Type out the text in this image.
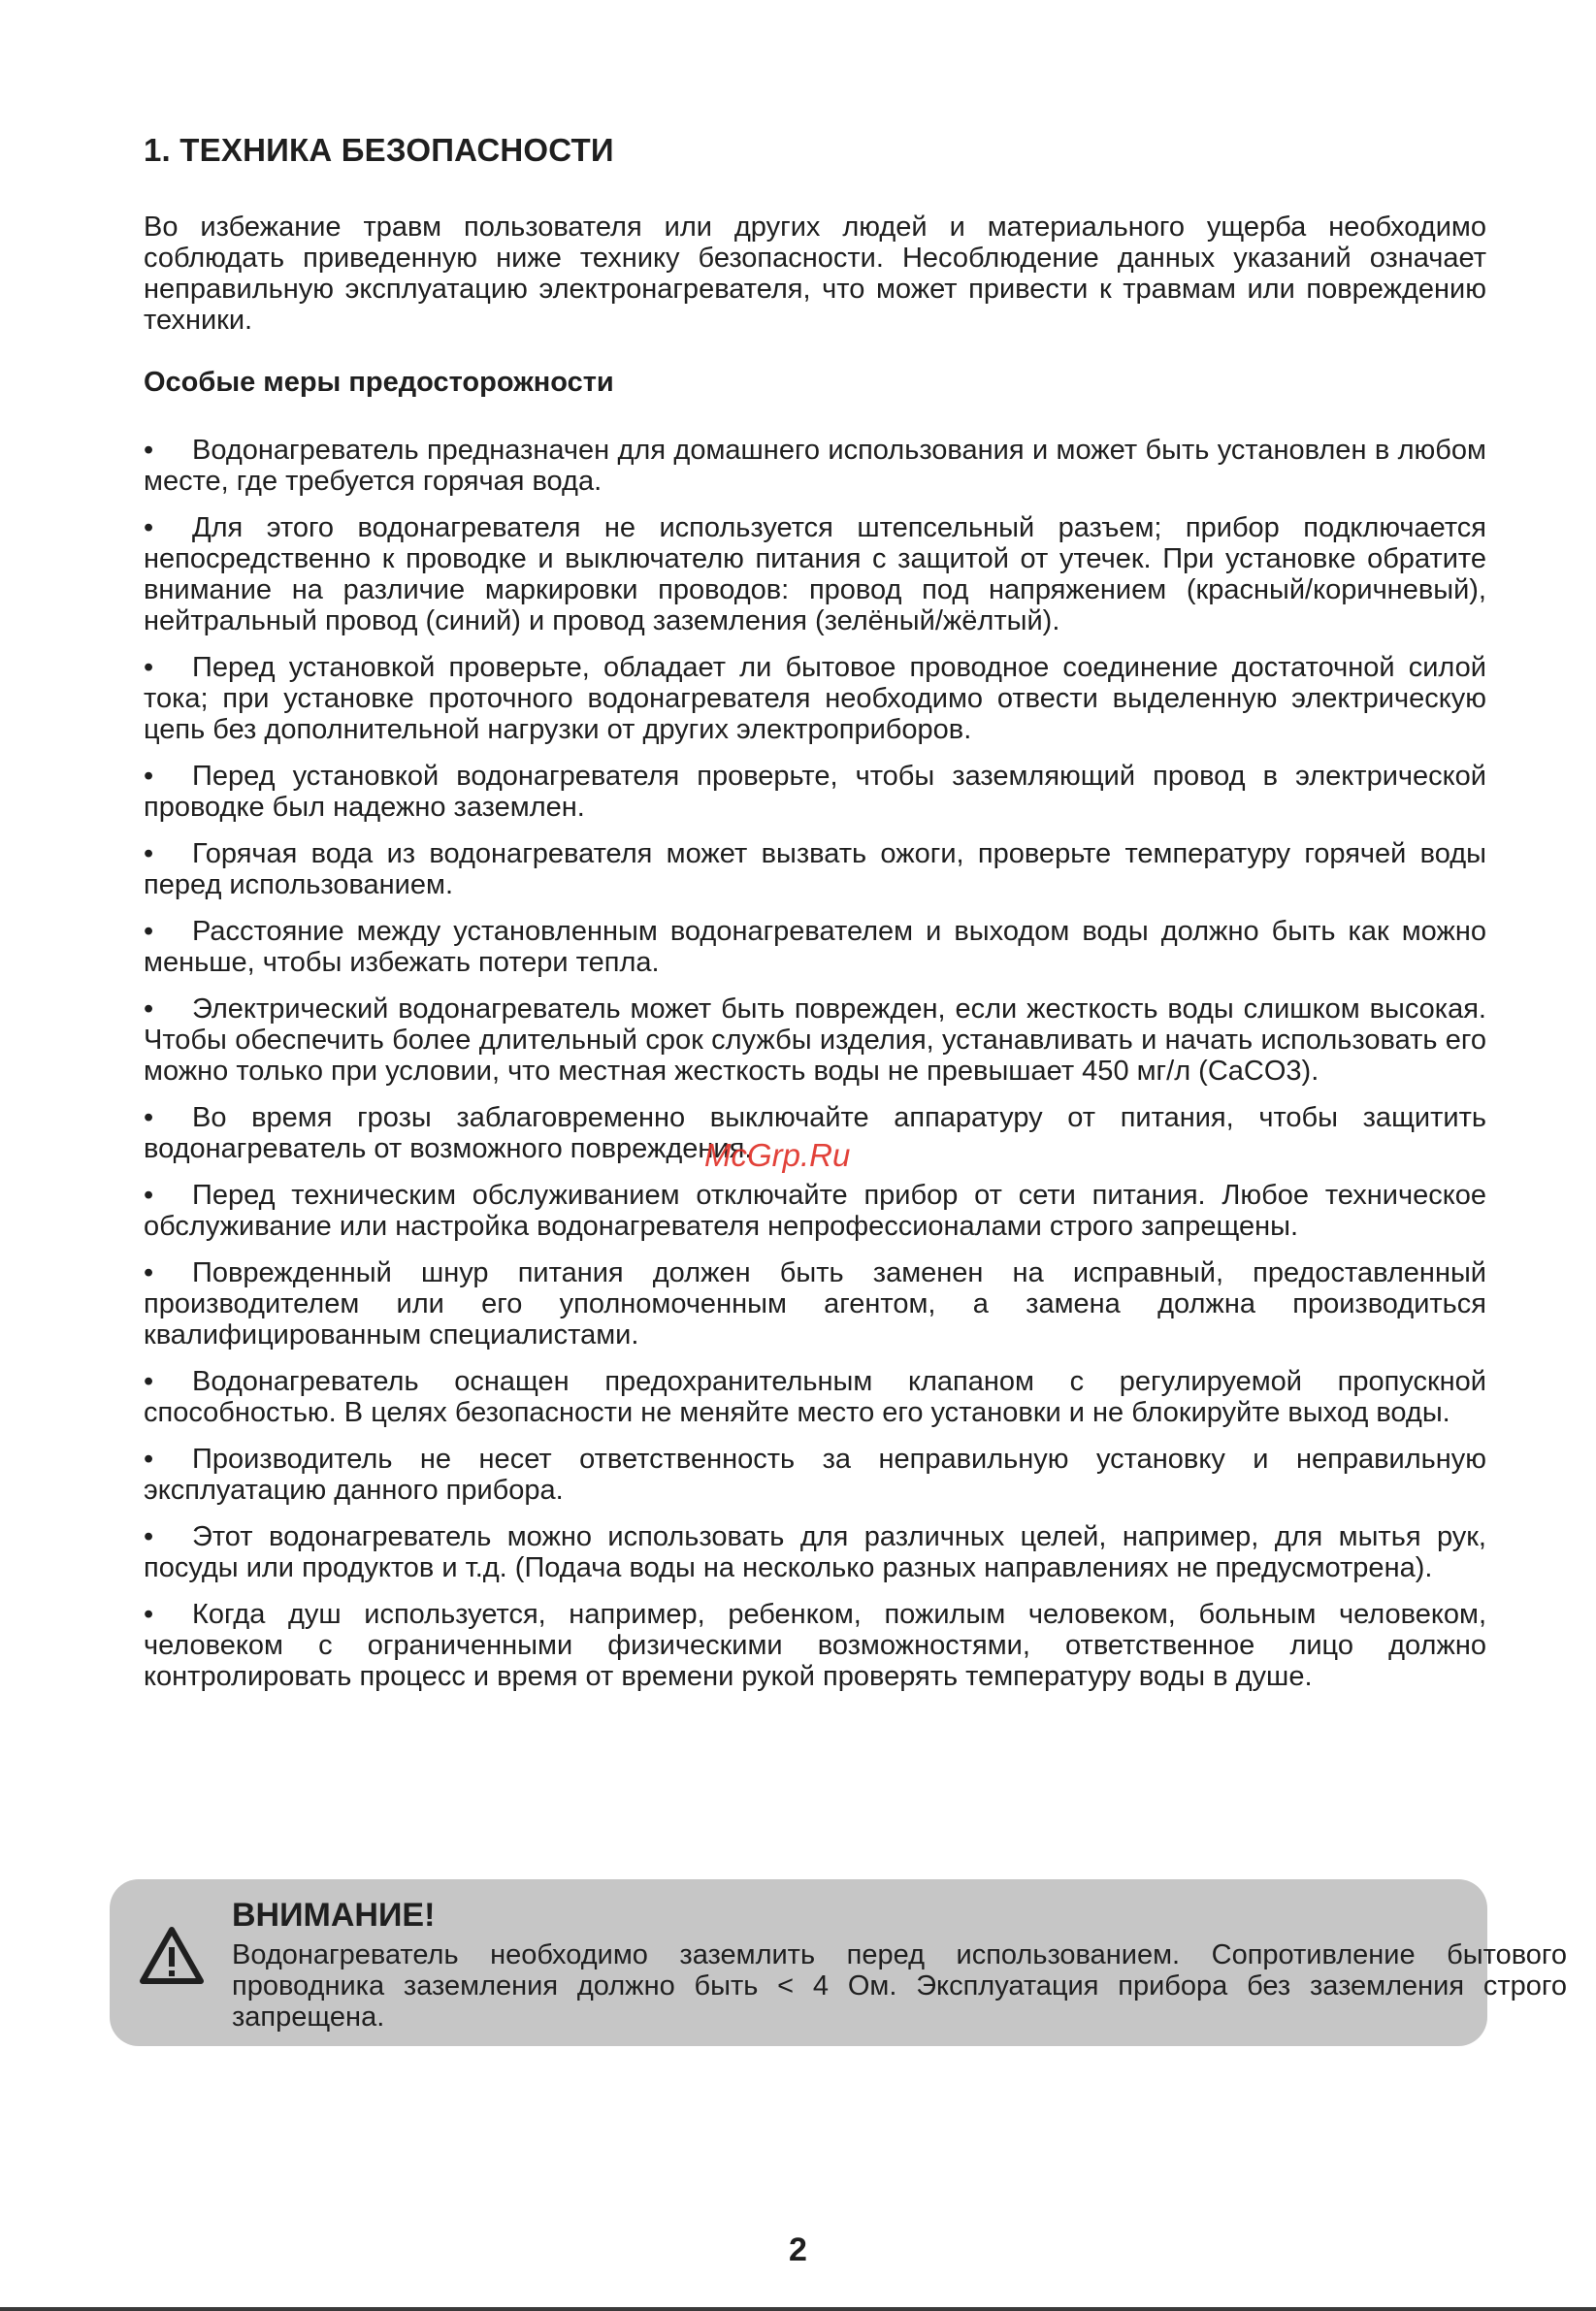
1. ТЕХНИКА БЕЗОПАСНОСТИ

Во избежание травм пользователя или других людей и материального ущерба необходимо соблюдать приведенную ниже технику безопасности. Несоблюдение данных указаний означает неправильную эксплуатацию электронагревателя, что может привести к травмам или повреждению техники.

Особые меры предосторожности
• Водонагреватель предназначен для домашнего использования и может быть установлен в любом месте, где требуется горячая вода.
• Для этого водонагревателя не используется штепсельный разъем; прибор подключается непосредственно к проводке и выключателю питания с защитой от утечек. При установке обратите внимание на различие маркировки проводов: провод под напряжением (красный/коричневый), нейтральный провод (синий) и провод заземления (зелёный/жёлтый).
• Перед установкой проверьте, обладает ли бытовое проводное соединение достаточной силой тока; при установке проточного водонагревателя необходимо отвести выделенную электрическую цепь без дополнительной нагрузки от других электроприборов.
• Перед установкой водонагревателя проверьте, чтобы заземляющий провод в электрической проводке был надежно заземлен.
• Горячая вода из водонагревателя может вызвать ожоги, проверьте температуру горячей воды перед использованием.
• Расстояние между установленным водонагревателем и выходом воды должно быть как можно меньше, чтобы избежать потери тепла.
• Электрический водонагреватель может быть поврежден, если жесткость воды слишком высокая. Чтобы обеспечить более длительный срок службы изделия, устанавливать и начать использовать его можно только при условии, что местная жесткость воды не превышает 450 мг/л (CaCO3).
• Во время грозы заблаговременно выключайте аппаратуру от питания, чтобы защитить водонагреватель от возможного повреждения.
• Перед техническим обслуживанием отключайте прибор от сети питания. Любое техническое обслуживание или настройка водонагревателя непрофессионалами строго запрещены.
• Поврежденный шнур питания должен быть заменен на исправный, предоставленный производителем или его уполномоченным агентом, а замена должна производиться квалифицированным специалистами.
• Водонагреватель оснащен предохранительным клапаном с регулируемой пропускной способностью. В целях безопасности не меняйте место его установки и не блокируйте выход воды.
• Производитель не несет ответственность за неправильную установку и неправильную эксплуатацию данного прибора.
• Этот водонагреватель можно использовать для различных целей, например, для мытья рук, посуды или продуктов и т.д. (Подача воды на несколько разных направлениях не предусмотрена).
• Когда душ используется, например, ребенком, пожилым человеком, больным человеком, человеком с ограниченными физическими возможностями, ответственное лицо должно контролировать процесс и время от времени рукой проверять температуру воды в душе.
McGrp.Ru
ВНИМАНИЕ!

Водонагреватель необходимо заземлить перед использованием. Сопротивление бытового проводника заземления должно быть < 4 Ом. Эксплуатация прибора без заземления строго запрещена.

2
